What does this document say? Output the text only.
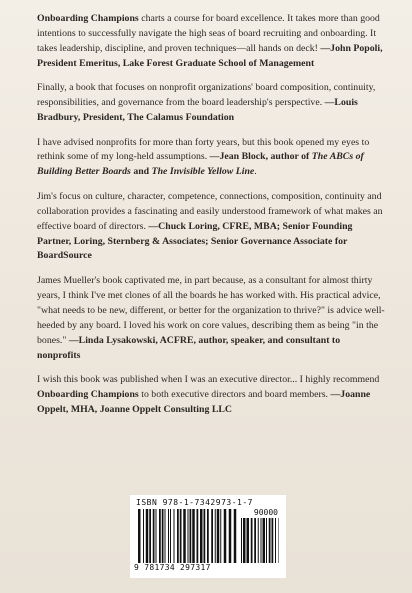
Onboarding Champions charts a course for board excellence. It takes more than good intentions to successfully navigate the high seas of board recruiting and onboarding. It takes leadership, discipline, and proven techniques—all hands on deck! —John Popoli, President Emeritus, Lake Forest Graduate School of Management

Finally, a book that focuses on nonprofit organizations' board composition, continuity, responsibilities, and governance from the board leadership's perspective. —Louis Bradbury, President, The Calamus Foundation

I have advised nonprofits for more than forty years, but this book opened my eyes to rethink some of my long-held assumptions. —Jean Block, author of The ABCs of Building Better Boards and The Invisible Yellow Line.

Jim's focus on culture, character, competence, connections, composition, continuity and collaboration provides a fascinating and easily understood framework of what makes an effective board of directors. —Chuck Loring, CFRE, MBA; Senior Founding Partner, Loring, Sternberg & Associates; Senior Governance Associate for BoardSource

James Mueller's book captivated me, in part because, as a consultant for almost thirty years, I think I've met clones of all the boards he has worked with. His practical advice, "what needs to be new, different, or better for the organization to thrive?" is advice well-heeded by any board. I loved his work on core values, describing them as being "in the bones." —Linda Lysakowski, ACFRE, author, speaker, and consultant to nonprofits

I wish this book was published when I was an executive director... I highly recommend Onboarding Champions to both executive directors and board members. —Joanne Oppelt, MHA, Joanne Oppelt Consulting LLC

ISBN 978-1-7342973-1-7
90000
9 781734 297317
